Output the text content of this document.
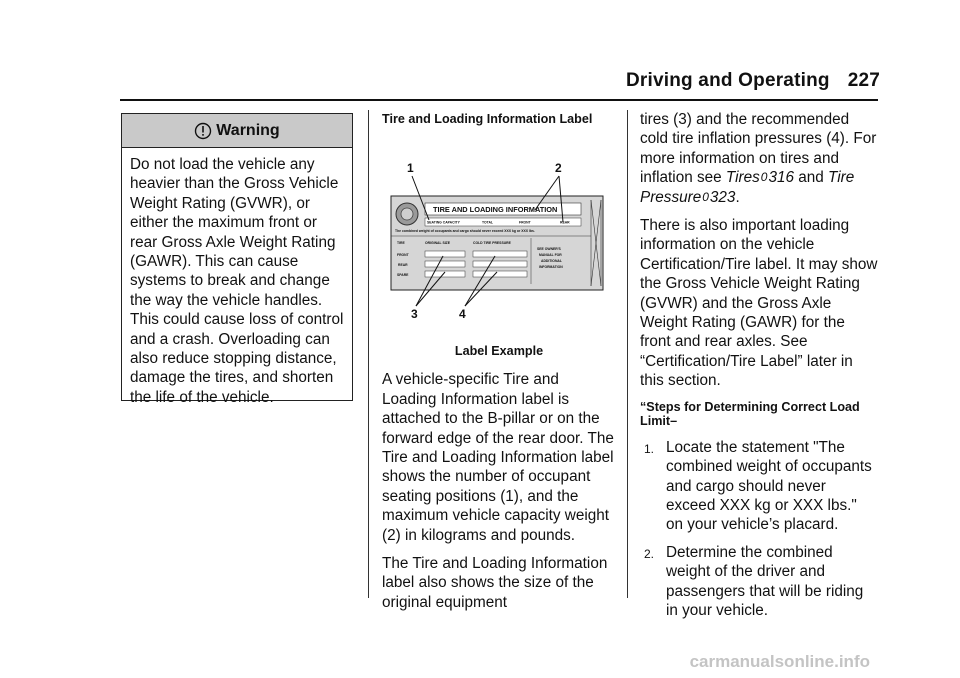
Driving and Operating 227
Warning
Do not load the vehicle any heavier than the Gross Vehicle Weight Rating (GVWR), or either the maximum front or rear Gross Axle Weight Rating (GAWR). This can cause systems to break and change the way the vehicle handles. This could cause loss of control and a crash. Overloading can also reduce stopping distance, damage the tires, and shorten the life of the vehicle.
Tire and Loading Information Label
1	2
3	4
TIRE AND LOADING INFORMATION
SEATING CAPACITY	TOTAL	FRONT	REAR
The combined weight of occupants and cargo should never exceed XXX kg or XXX lbs.
TIRE	ORIGINAL SIZE	COLD TIRE PRESSURE
SEE OWNER'S
MANUAL FOR
ADDITIONAL
INFORMATION
FRONT
REAR
SPARE
Label Example

A vehicle-specific Tire and Loading Information label is attached to the B-pillar or on the forward edge of the rear door. The Tire and Loading Information label shows the number of occupant seating positions (1), and the maximum vehicle capacity weight (2) in kilograms and pounds.

The Tire and Loading Information label also shows the size of the original equipment

tires (3) and the recommended cold tire inflation pressures (4). For more information on tires and inflation see Tires0316 and Tire Pressure0323.

There is also important loading information on the vehicle Certification/Tire label. It may show the Gross Vehicle Weight Rating (GVWR) and the Gross Axle Weight Rating (GAWR) for the front and rear axles. See “Certification/Tire Label” later in this section.

“Steps for Determining Correct Load Limit–
1. Locate the statement "The combined weight of occupants and cargo should never exceed XXX kg or XXX lbs." on your vehicle’s placard.
2. Determine the combined weight of the driver and passengers that will be riding in your vehicle.
carmanualsonline.info
